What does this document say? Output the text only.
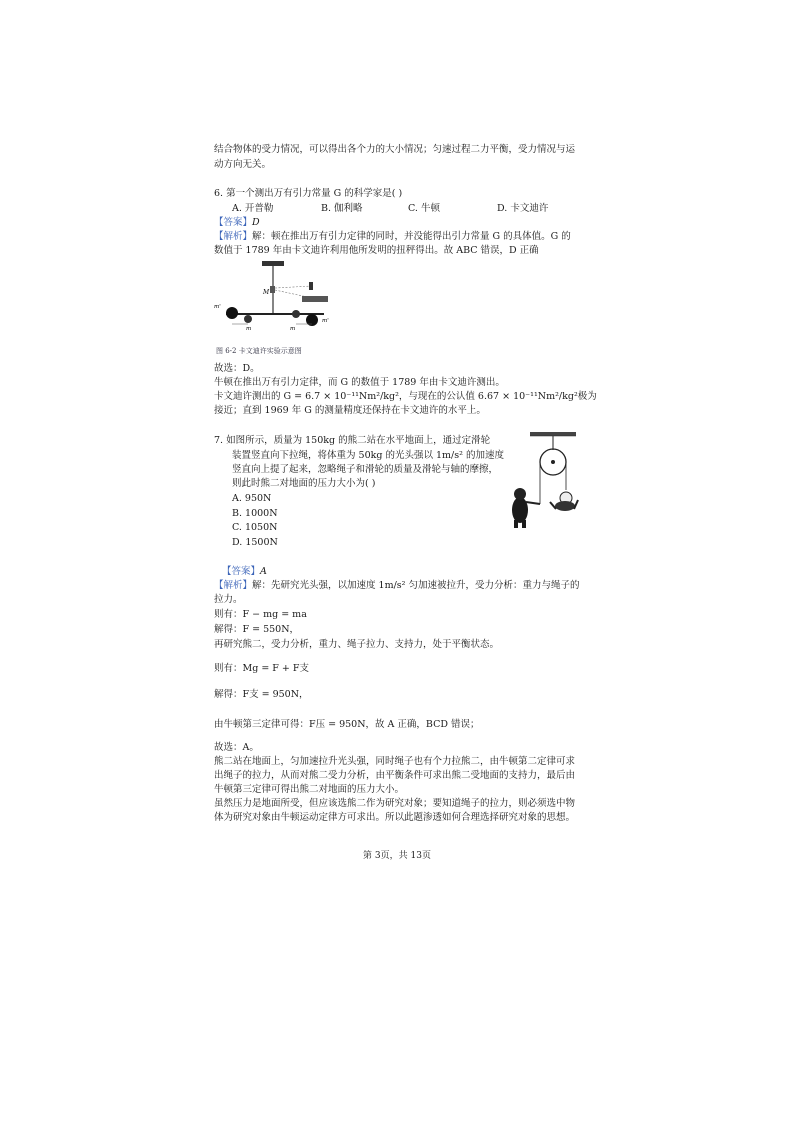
结合物体的受力情况，可以得出各个力的大小情况；匀速过程二力平衡，受力情况与运
动方向无关。
6. 第一个测出万有引力常量 G 的科学家是( )
A. 开普勒	B. 伽利略	C. 牛顿	D. 卡文迪许
【答案】D
【解析】解：顿在推出万有引力定律的同时，并没能得出引力常量 G 的具体值。G 的
数值于 1789 年由卡文迪许利用他所发明的扭秤得出。故 ABC 错误，D 正确
M
m'
m'
m	m
图 6-2 卡文迪许实验示意图
故选：D。
牛顿在推出万有引力定律，而 G 的数值于 1789 年由卡文迪许测出。
卡文迪许测出的 G = 6.7 × 10⁻¹¹Nm²/kg²，与现在的公认值 6.67 × 10⁻¹¹Nm²/kg²极为
接近；直到 1969 年 G 的测量精度还保持在卡文迪许的水平上。
7. 如图所示，质量为 150kg 的熊二站在水平地面上，通过定滑轮
装置竖直向下拉绳，将体重为 50kg 的光头强以 1m/s² 的加速度
竖直向上提了起来，忽略绳子和滑轮的质量及滑轮与轴的摩擦，
则此时熊二对地面的压力大小为( )
A. 950N
B. 1000N
C. 1050N
D. 1500N
【答案】A
【解析】解：先研究光头强，以加速度 1m/s² 匀加速被拉升，受力分析：重力与绳子的
拉力。
则有：F − mg = ma
解得：F = 550N，
再研究熊二，受力分析，重力、绳子拉力、支持力，处于平衡状态。
则有：Mg = F + F支
解得：F支 = 950N，
由牛顿第三定律可得：F压 = 950N，故 A 正确，BCD 错误；
故选：A。
熊二站在地面上，匀加速拉升光头强，同时绳子也有个力拉熊二，由牛顿第二定律可求
出绳子的拉力，从而对熊二受力分析，由平衡条件可求出熊二受地面的支持力，最后由
牛顿第三定律可得出熊二对地面的压力大小。
虽然压力是地面所受，但应该选熊二作为研究对象；要知道绳子的拉力，则必须选中物
体为研究对象由牛顿运动定律方可求出。所以此题渗透如何合理选择研究对象的思想。
第 3页，共 13页
